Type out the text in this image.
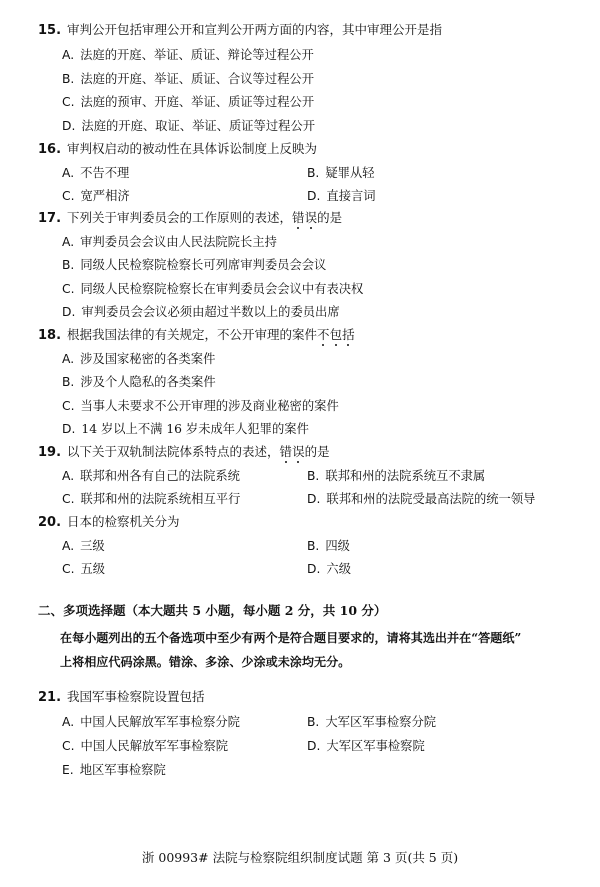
15. 审判公开包括审理公开和宣判公开两方面的内容，其中审理公开是指
A. 法庭的开庭、举证、质证、辩论等过程公开
B. 法庭的开庭、举证、质证、合议等过程公开
C. 法庭的预审、开庭、举证、质证等过程公开
D. 法庭的开庭、取证、举证、质证等过程公开
16. 审判权启动的被动性在具体诉讼制度上反映为
A. 不告不理	B. 疑罪从轻
C. 宽严相济	D. 直接言词
17. 下列关于审判委员会的工作原则的表述，错误的是
A. 审判委员会会议由人民法院院长主持
B. 同级人民检察院检察长可列席审判委员会会议
C. 同级人民检察院检察长在审判委员会会议中有表决权
D. 审判委员会会议必须由超过半数以上的委员出席
18. 根据我国法律的有关规定，不公开审理的案件不包括
A. 涉及国家秘密的各类案件
B. 涉及个人隐私的各类案件
C. 当事人未要求不公开审理的涉及商业秘密的案件
D. 14 岁以上不满 16 岁未成年人犯罪的案件
19. 以下关于双轨制法院体系特点的表述，错误的是
A. 联邦和州各有自己的法院系统	B. 联邦和州的法院系统互不隶属
C. 联邦和州的法院系统相互平行	D. 联邦和州的法院受最高法院的统一领导
20. 日本的检察机关分为
A. 三级	B. 四级
C. 五级	D. 六级
二、多项选择题（本大题共 5 小题，每小题 2 分，共 10 分）
在每小题列出的五个备选项中至少有两个是符合题目要求的，请将其选出并在“答题纸”
上将相应代码涂黑。错涂、多涂、少涂或未涂均无分。
21. 我国军事检察院设置包括
A. 中国人民解放军军事检察分院	B. 大军区军事检察分院
C. 中国人民解放军军事检察院	D. 大军区军事检察院
E. 地区军事检察院
浙 00993# 法院与检察院组织制度试题 第 3 页(共 5 页)
